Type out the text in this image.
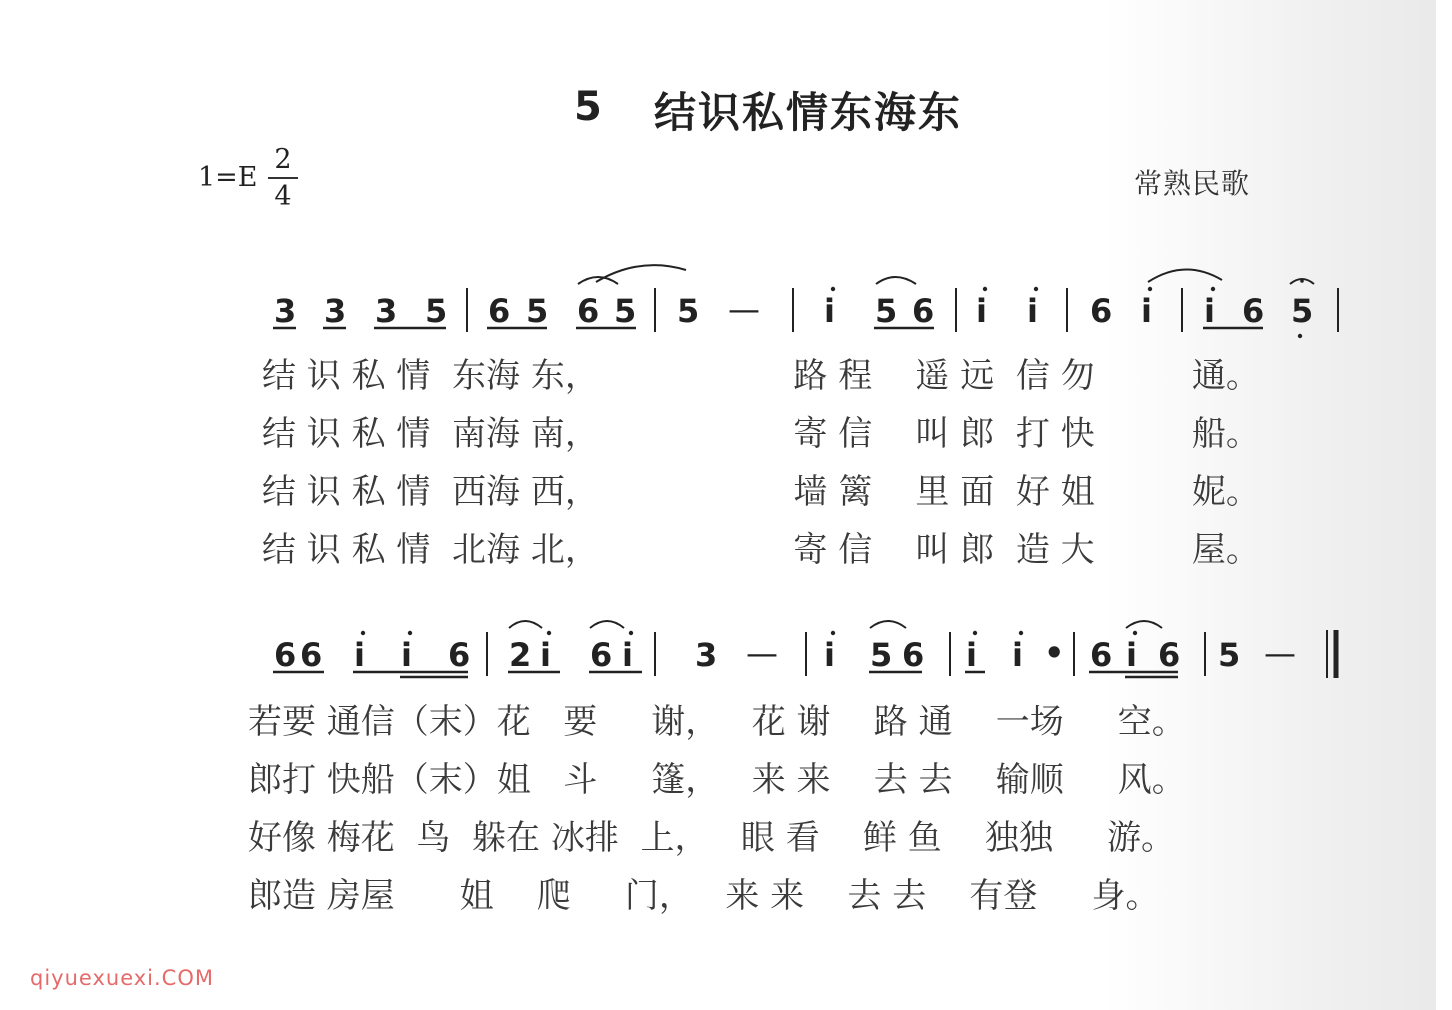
5 结识私情东海东
1=E
2
4	常熟民歌
3 3 3 5 6 5 6 5 5 — i 5 6 i i 6 i i 6 5
6 6 i i 6 2 i 6 i 3 — i 5 6 i i • 6 i 6 5 —
结 识 私 情  东海 东，                  路 程    遥 远  信 勿         通。
结 识 私 情  南海 南，                  寄 信    叫 郎  打 快         船。
结 识 私 情  西海 西，                  墙 篱    里 面  好 姐         妮。
结 识 私 情  北海 北，                  寄 信    叫 郎  造 大         屋。
若要 通信（末）花   要     谢，   花 谢    路 通    一场     空。
郎打 快船（末）姐   斗     篷，   来 来    去 去    输顺     风。
好像 梅花  鸟  躲在 冰排  上，   眼 看    鲜 鱼    独独     游。
郎造 房屋      姐    爬     门，   来 来    去 去    有登     身。
qiyuexuexi.COM
